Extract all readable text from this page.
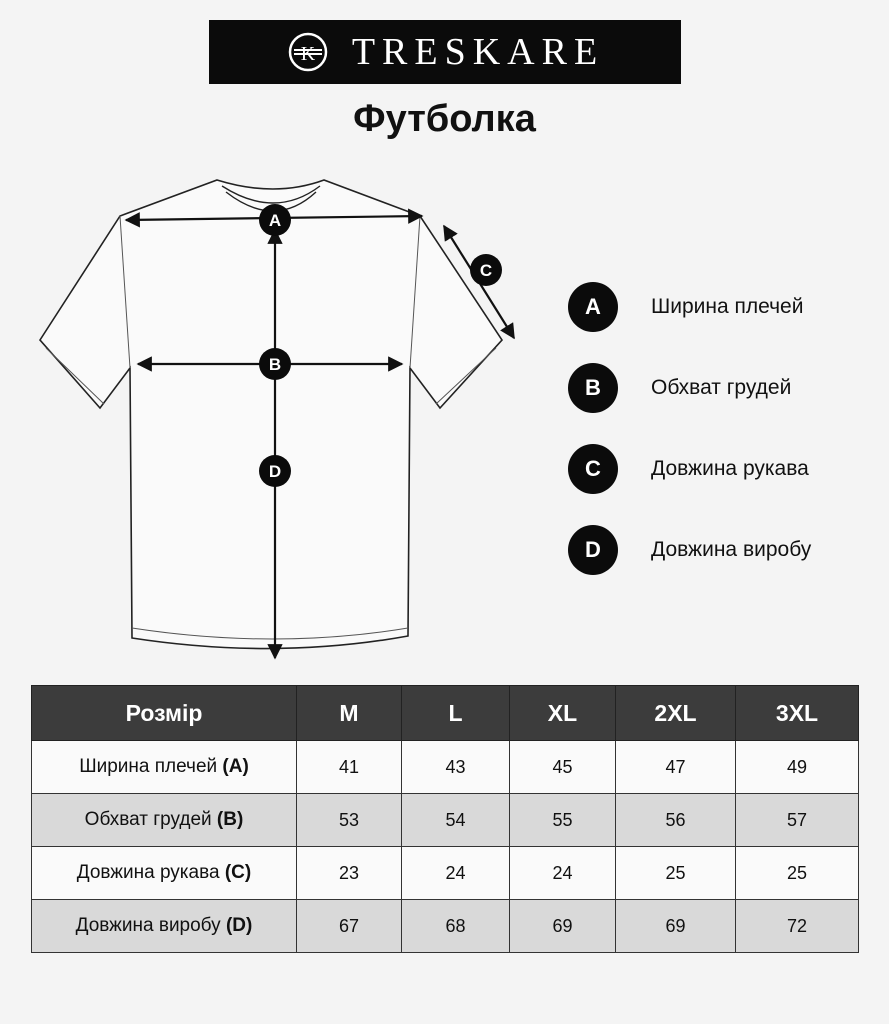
K TRESKARE
Футболка
A
B
C
D
A	Ширина плечей
B	Обхват грудей
C	Довжина рукава
D	Довжина виробу
Розмір	M	L	XL	2XL	3XL
Ширина плечей (A)	41	43	45	47	49
Обхват грудей (B)	53	54	55	56	57
Довжина рукава (C)	23	24	24	25	25
Довжина виробу (D)	67	68	69	69	72
